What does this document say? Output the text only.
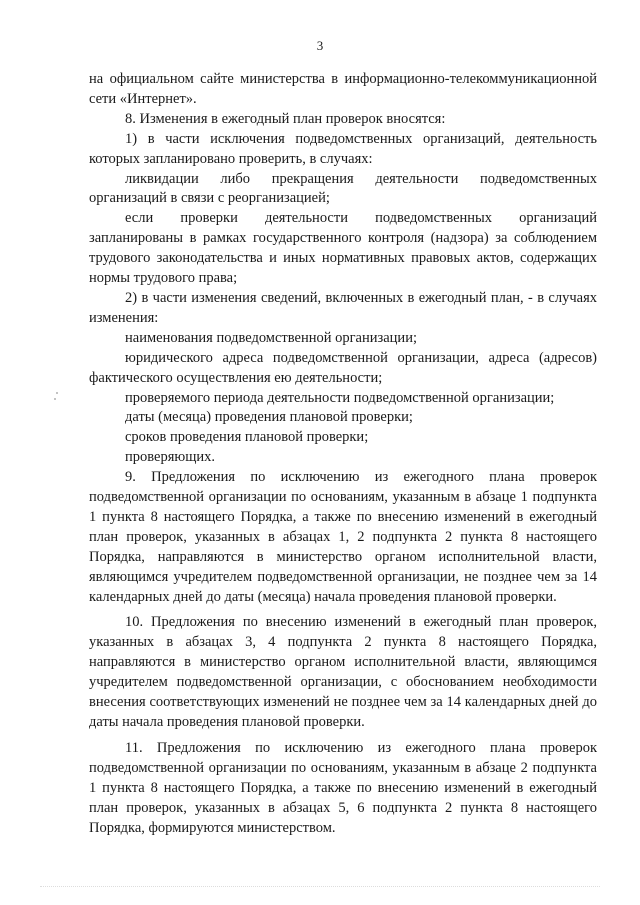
3

на официальном сайте министерства в информационно-телекоммуникационной сети «Интернет».

8. Изменения в ежегодный план проверок вносятся:

1) в части исключения подведомственных организаций, деятельность которых запланировано проверить, в случаях:

ликвидации либо прекращения деятельности подведомственных организаций в связи с реорганизацией;

если проверки деятельности подведомственных организаций запланированы в рамках государственного контроля (надзора) за соблюдением трудового законодательства и иных нормативных правовых актов, содержащих нормы трудового права;

2) в части изменения сведений, включенных в ежегодный план, - в случаях изменения:

наименования подведомственной организации;

юридического адреса подведомственной организации, адреса (адресов) фактического осуществления ею деятельности;

проверяемого периода деятельности подведомственной организации;

даты (месяца) проведения плановой проверки;

сроков проведения плановой проверки;

проверяющих.

9. Предложения по исключению из ежегодного плана проверок подведомственной организации по основаниям, указанным в абзаце 1 подпункта 1 пункта 8 настоящего Порядка, а также по внесению изменений в ежегодный план проверок, указанных в абзацах 1, 2 подпункта 2 пункта 8 настоящего Порядка, направляются в министерство органом исполнительной власти, являющимся учредителем подведомственной организации, не позднее чем за 14 календарных дней до даты (месяца) начала проведения плановой проверки.

10. Предложения по внесению изменений в ежегодный план проверок, указанных в абзацах 3, 4 подпункта 2 пункта 8 настоящего Порядка, направляются в министерство органом исполнительной власти, являющимся учредителем подведомственной организации, с обоснованием необходимости внесения соответствующих изменений не позднее чем за 14 календарных дней до даты начала проведения плановой проверки.

11. Предложения по исключению из ежегодного плана проверок подведомственной организации по основаниям, указанным в абзаце 2 подпункта 1 пункта 8 настоящего Порядка, а также по внесению изменений в ежегодный план проверок, указанных в абзацах 5, 6 подпункта 2 пункта 8 настоящего Порядка, формируются министерством.
